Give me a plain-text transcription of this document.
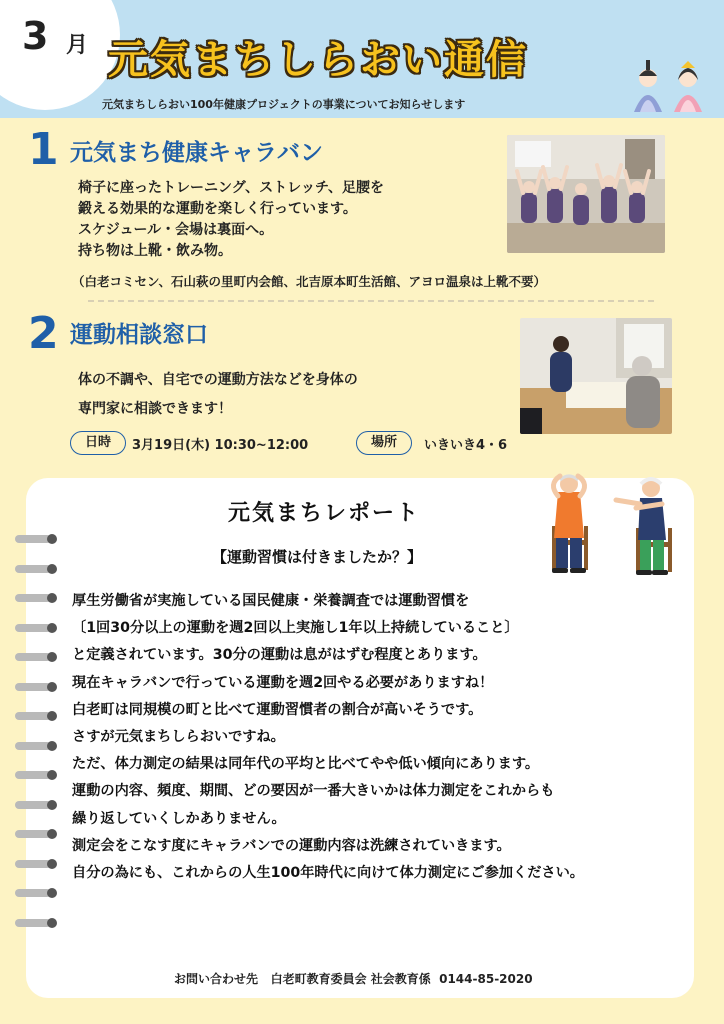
3 月 元気まちしらおい通信
元気まちしらおい100年健康プロジェクトの事業についてお知らせします
1 元気まち健康キャラバン
椅子に座ったトレーニング、ストレッチ、足腰を
鍛える効果的な運動を楽しく行っています。
スケジュール・会場は裏面へ。
持ち物は上靴・飲み物。
（白老コミセン、石山萩の里町内会館、北吉原本町生活館、アヨロ温泉は上靴不要）
2 運動相談窓口
体の不調や、自宅での運動方法などを身体の
専門家に相談できます！
日時	3月19日(木) 10:30~12:00	場所	いきいき4・6
元気まちレポート
【運動習慣は付きましたか？】
厚生労働省が実施している国民健康・栄養調査では運動習慣を
〔1回30分以上の運動を週2回以上実施し1年以上持続していること〕
と定義されています。30分の運動は息がはずむ程度とあります。
現在キャラバンで行っている運動を週2回やる必要がありますね！
白老町は同規模の町と比べて運動習慣者の割合が高いそうです。
さすが元気まちしらおいですね。
ただ、体力測定の結果は同年代の平均と比べてやや低い傾向にあります。
運動の内容、頻度、期間、どの要因が一番大きいかは体力測定をこれからも
繰り返していくしかありません。
測定会をこなす度にキャラバンでの運動内容は洗練されていきます。
自分の為にも、これからの人生100年時代に向けて体力測定にご参加ください。
お問い合わせ先 白老町教育委員会 社会教育係 0144-85-2020
